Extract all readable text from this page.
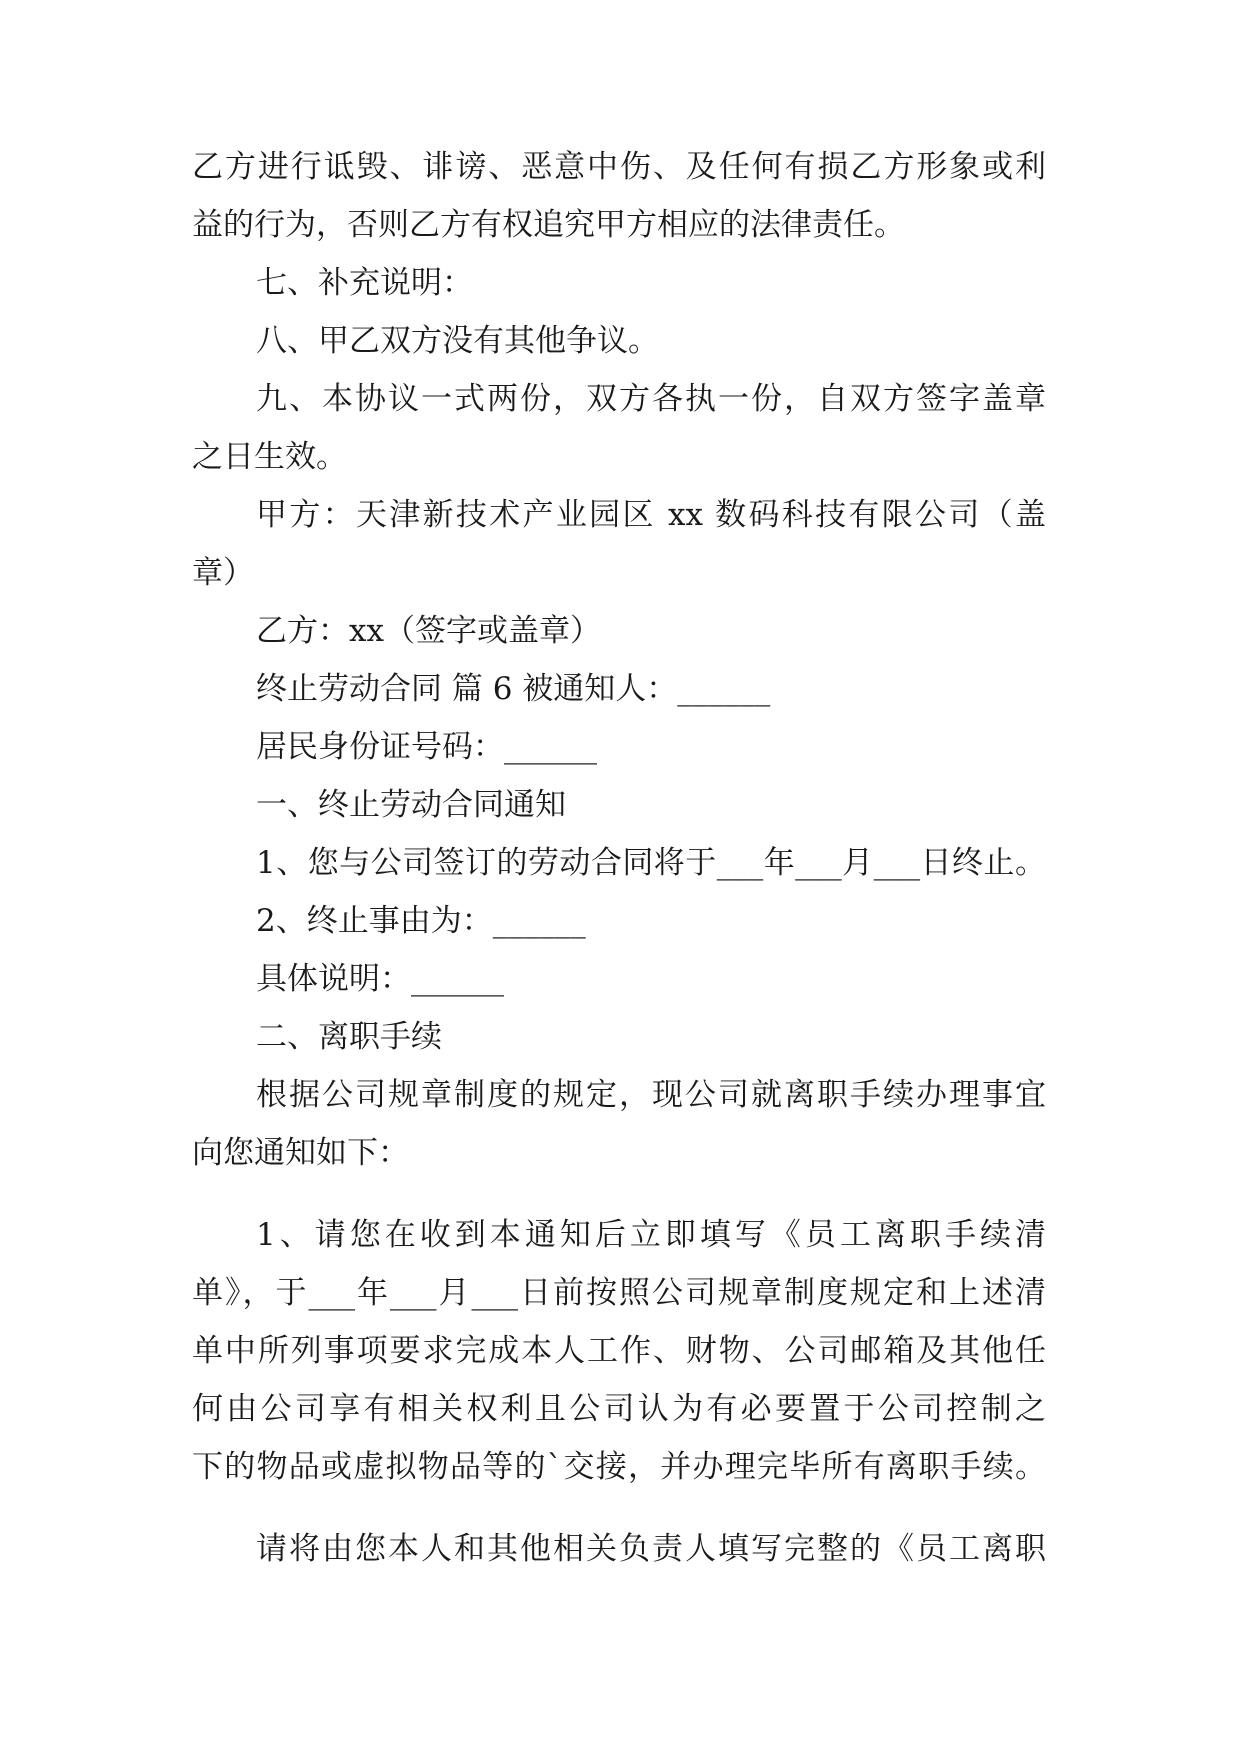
乙方进行诋毁、诽谤、恶意中伤、及任何有损乙方形象或利
益的行为，否则乙方有权追究甲方相应的法律责任。
七、补充说明：
八、甲乙双方没有其他争议。
九、本协议一式两份，双方各执一份，自双方签字盖章
之日生效。
甲方：天津新技术产业园区 xx 数码科技有限公司（盖
章）
乙方：xx（签字或盖章）
终止劳动合同 篇 6 被通知人：______
居民身份证号码：______
一、终止劳动合同通知
1、您与公司签订的劳动合同将于___年___月___日终止。
2、终止事由为：______
具体说明：______
二、离职手续
根据公司规章制度的规定，现公司就离职手续办理事宜
向您通知如下：
1、请您在收到本通知后立即填写《员工离职手续清
单》，于___年___月___日前按照公司规章制度规定和上述清
单中所列事项要求完成本人工作、财物、公司邮箱及其他任
何由公司享有相关权利且公司认为有必要置于公司控制之
下的物品或虚拟物品等的`交接，并办理完毕所有离职手续。
请将由您本人和其他相关负责人填写完整的《员工离职
